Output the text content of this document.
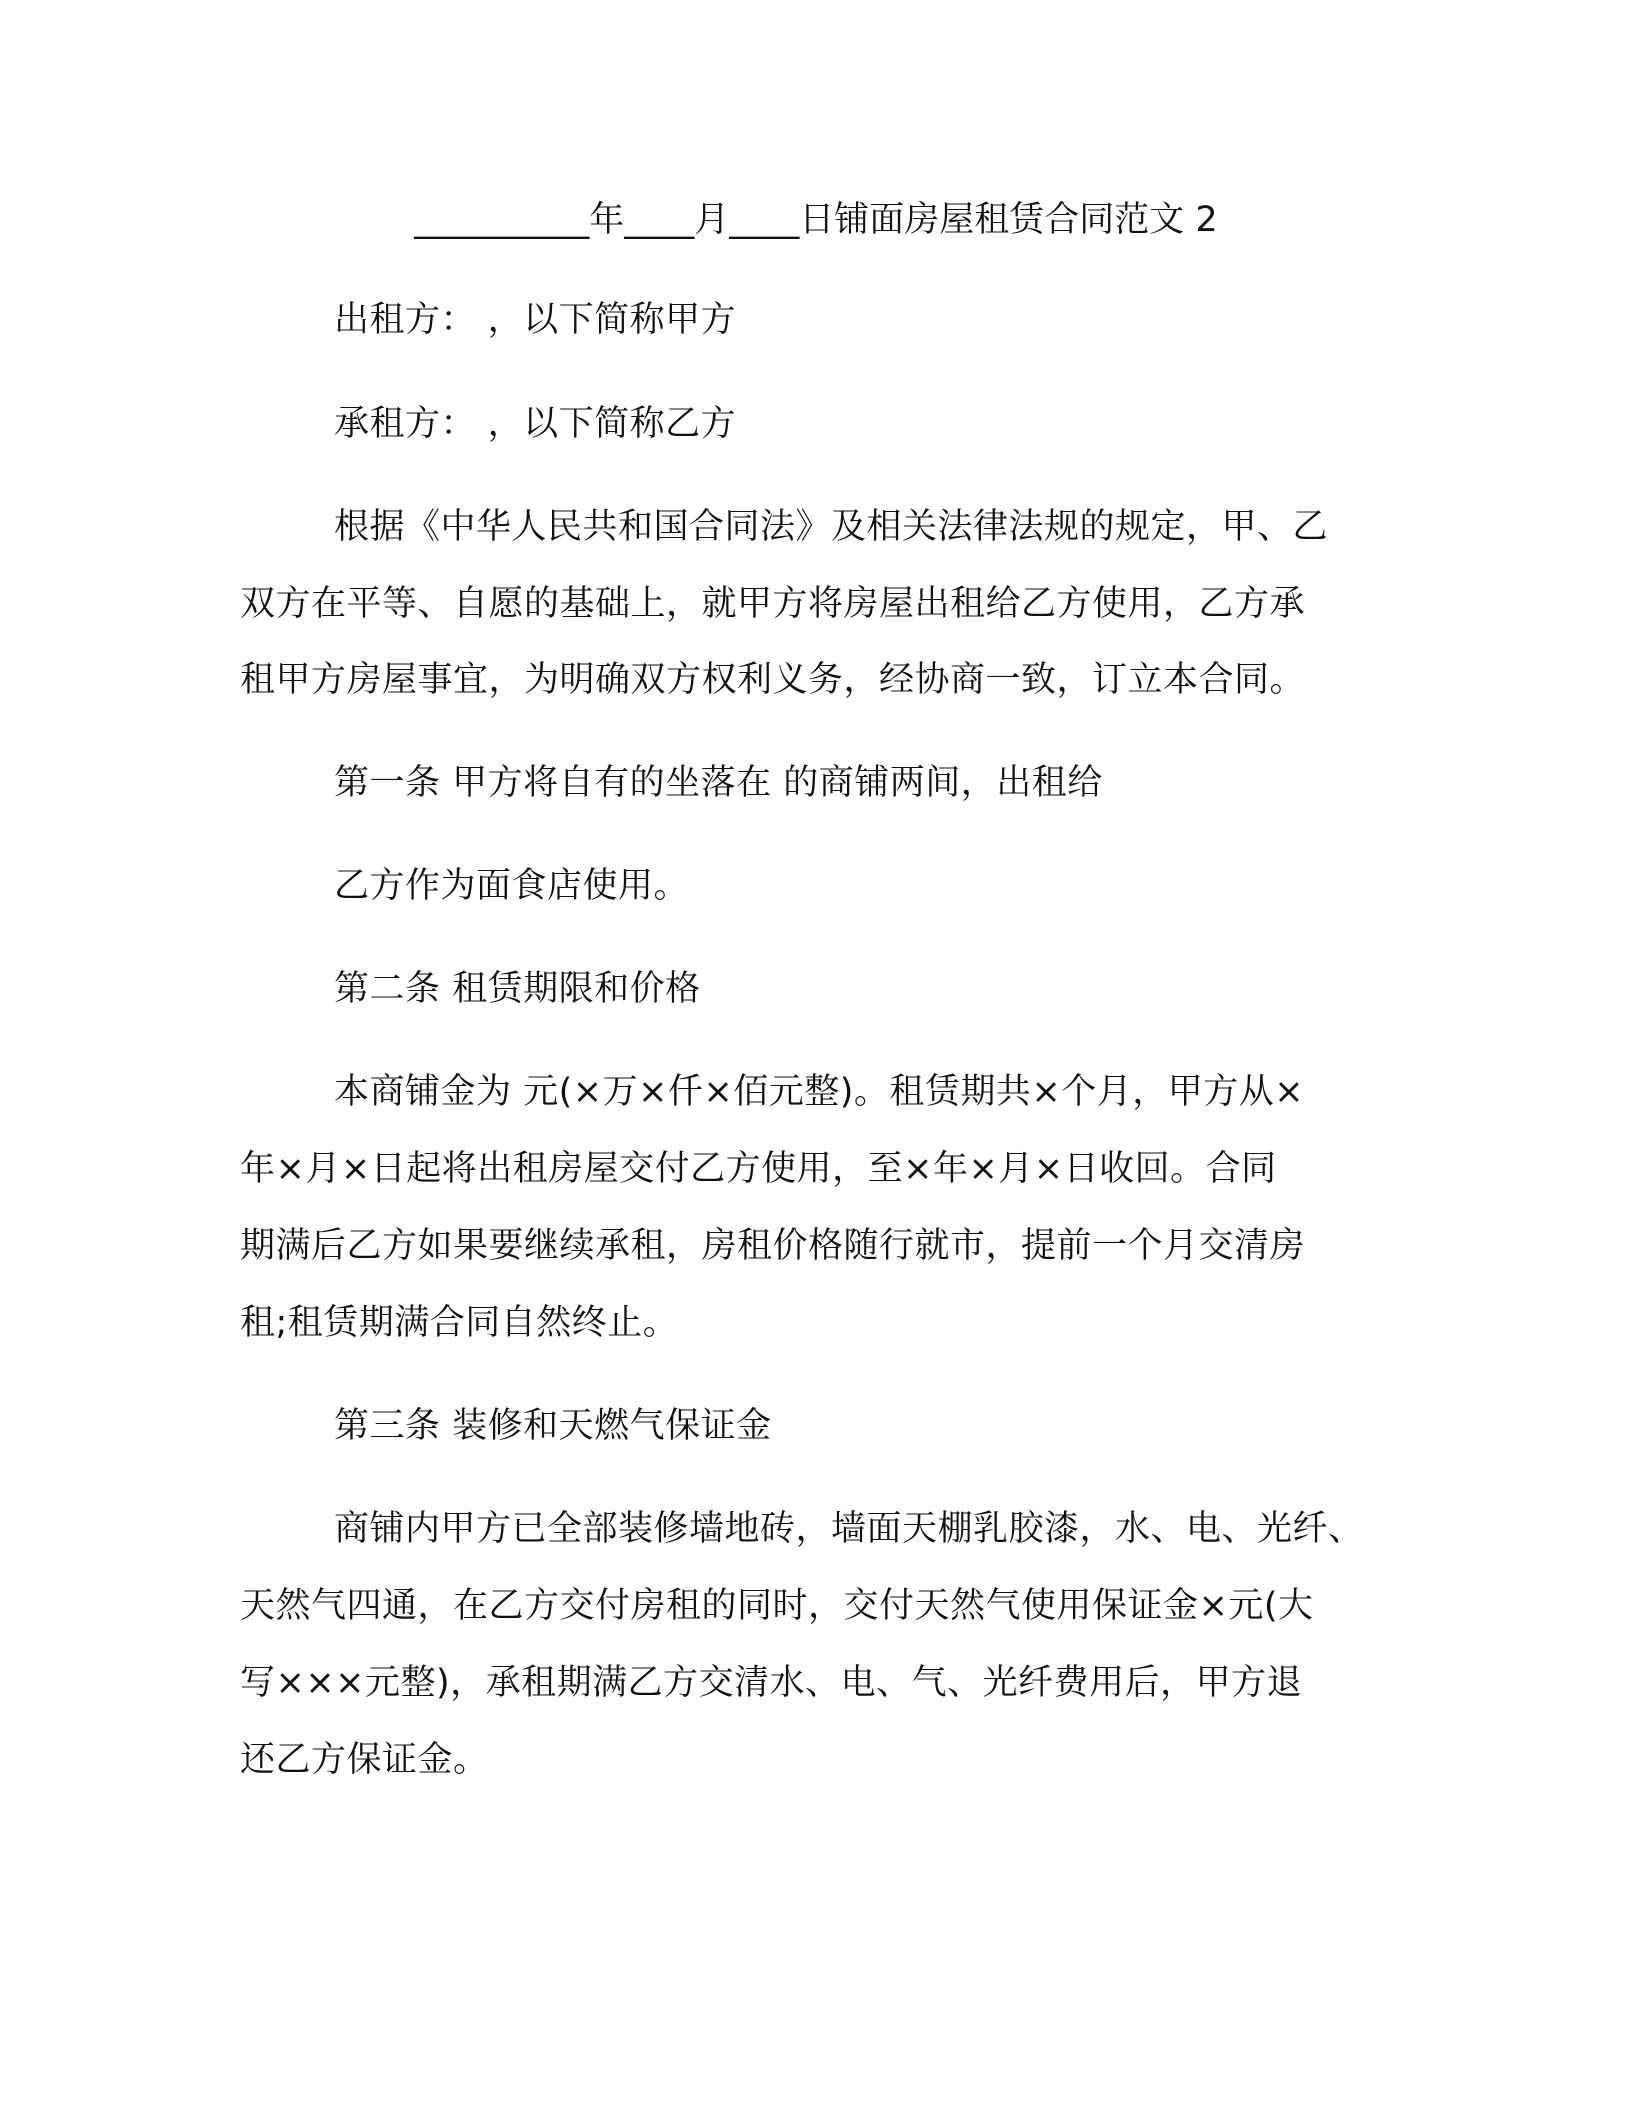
__________年____月____日铺面房屋租赁合同范文 2
出租方： ，以下简称甲方
承租方： ，以下简称乙方
根据《中华人民共和国合同法》及相关法律法规的规定，甲、乙
双方在平等、自愿的基础上，就甲方将房屋出租给乙方使用，乙方承
租甲方房屋事宜，为明确双方权利义务，经协商一致，订立本合同。
第一条 甲方将自有的坐落在 的商铺两间，出租给
乙方作为面食店使用。
第二条 租赁期限和价格
本商铺金为 元(×万×仟×佰元整)。租赁期共×个月，甲方从×
年×月×日起将出租房屋交付乙方使用，至×年×月×日收回。合同
期满后乙方如果要继续承租，房租价格随行就市，提前一个月交清房
租;租赁期满合同自然终止。
第三条 装修和天燃气保证金
商铺内甲方已全部装修墙地砖，墙面天棚乳胶漆，水、电、光纤、
天然气四通，在乙方交付房租的同时，交付天然气使用保证金×元(大
写×××元整)，承租期满乙方交清水、电、气、光纤费用后，甲方退
还乙方保证金。
